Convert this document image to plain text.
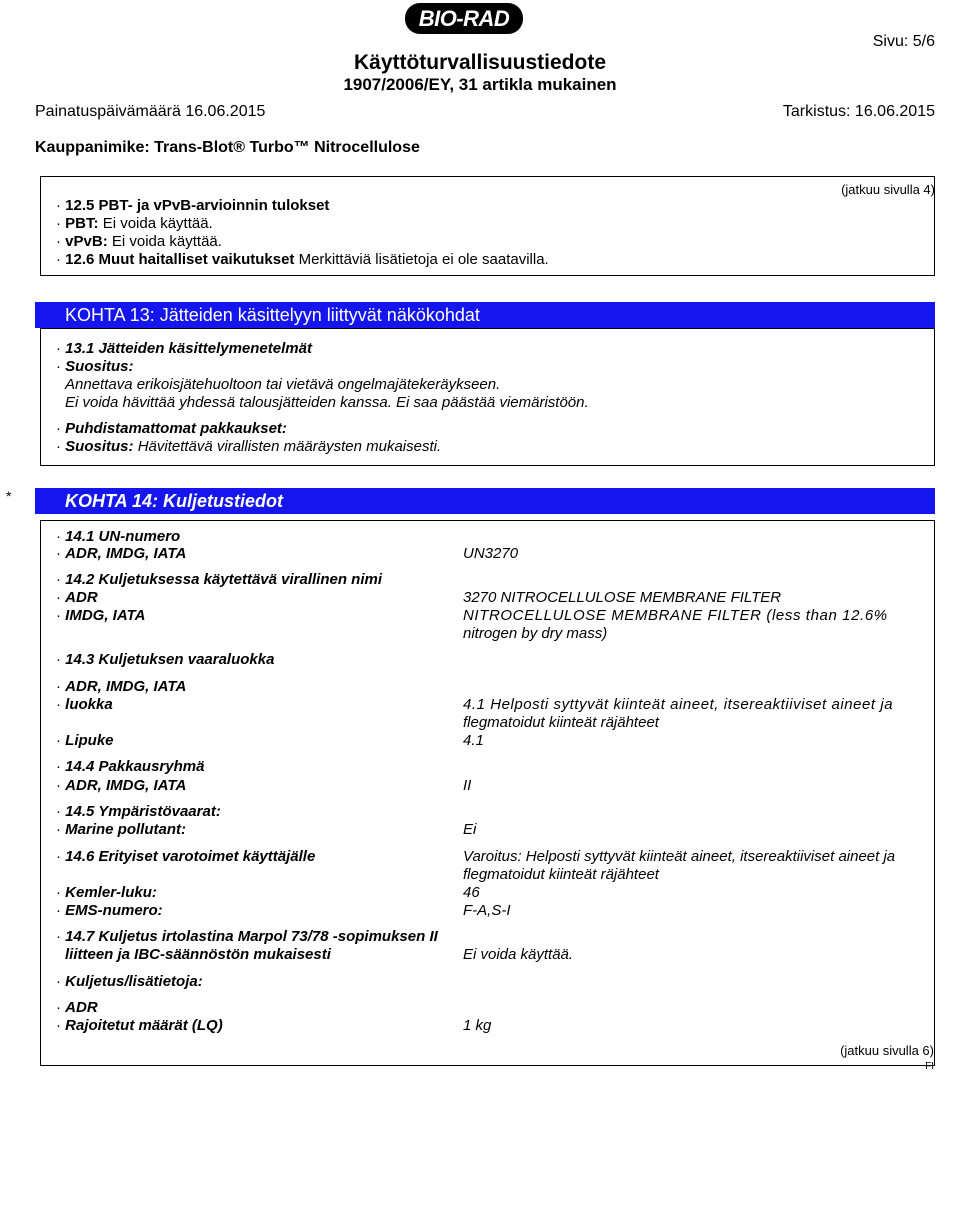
BIO-RAD
Käyttöturvallisuustiedote
1907/2006/EY, 31 artikla mukainen
Sivu: 5/6
Painatuspäivämäärä 16.06.2015	Tarkistus: 16.06.2015
Kauppanimike: Trans-Blot® Turbo™ Nitrocellulose
(jatkuu sivulla 4)
· 12.5 PBT- ja vPvB-arvioinnin tulokset
· PBT: Ei voida käyttää.
· vPvB: Ei voida käyttää.
· 12.6 Muut haitalliset vaikutukset Merkittäviä lisätietoja ei ole saatavilla.
KOHTA 13: Jätteiden käsittelyyn liittyvät näkökohdat
· 13.1 Jätteiden käsittelymenetelmät
· Suositus:
Annettava erikoisjätehuoltoon tai vietävä ongelmajätekeräykseen.
Ei voida hävittää yhdessä talousjätteiden kanssa. Ei saa päästää viemäristöön.
· Puhdistamattomat pakkaukset:
· Suositus: Hävitettävä virallisten määräysten mukaisesti.
*	KOHTA 14: Kuljetustiedot
· 14.1 UN-numero
· ADR, IMDG, IATA	UN3270
· 14.2 Kuljetuksessa käytettävä virallinen nimi
· ADR	3270 NITROCELLULOSE MEMBRANE FILTER
· IMDG, IATA	NITROCELLULOSE MEMBRANE FILTER (less than 12.6%
nitrogen by dry mass)
· 14.3 Kuljetuksen vaaraluokka
· ADR, IMDG, IATA
· luokka	4.1 Helposti syttyvät kiinteät aineet, itsereaktiiviset aineet ja
flegmatoidut kiinteät räjähteet
· Lipuke	4.1
· 14.4 Pakkausryhmä
· ADR, IMDG, IATA	II
· 14.5 Ympäristövaarat:
· Marine pollutant:	Ei
· 14.6 Erityiset varotoimet käyttäjälle	Varoitus: Helposti syttyvät kiinteät aineet, itsereaktiiviset aineet ja
flegmatoidut kiinteät räjähteet
· Kemler-luku:	46
· EMS-numero:	F-A,S-I
· 14.7 Kuljetus irtolastina Marpol 73/78 -sopimuksen II
liitteen ja IBC-säännöstön mukaisesti	Ei voida käyttää.
· Kuljetus/lisätietoja:
· ADR
· Rajoitetut määrät (LQ)	1 kg
(jatkuu sivulla 6)
FI
